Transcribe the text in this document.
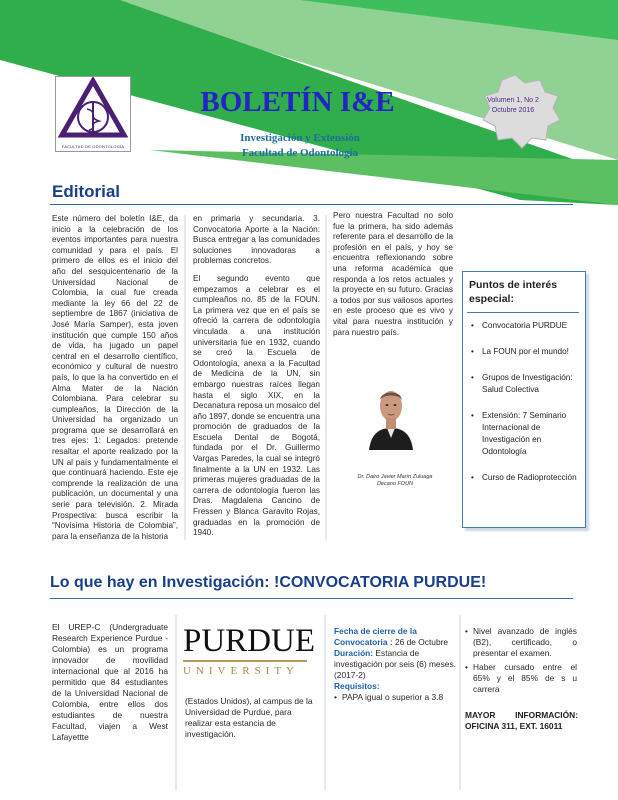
FACULTAD DE ODONTOLOGÍA
BOLETÍN I&E
Investigación y Extensión
Facultad de Odontología
Volumen 1, No 2
Octubre 2016
Editorial

Este número del boletín I&E, da inicio a la celebración de los eventos importantes para nuestra comunidad y para el país. El primero de ellos es el inicio del año del sesquicentenario de la Universidad Nacional de Colombia, la cual fue creada mediante la ley 66 del 22 de septiembre de 1867 (iniciativa de José María Samper), esta joven institución que cumple 150 años de vida, ha jugado un papel central en el desarrollo científico, económico y cultural de nuestro país, lo que la ha convertido en el Alma Mater de la Nación Colombiana. Para celebrar su cumpleaños, la Dirección de la Universidad ha organizado un programa que se desarrollará en tres ejes: 1: Legados: pretende resaltar el aporte realizado por la UN al país y fundamentalmente el que continuará haciendo. Este eje comprende la realización de una publicación, un documental y una serie para televisión. 2. Mirada Prospectiva: busca escribir la “Novísima Historia de Colombia”, para la enseñanza de la historia

en primaria y secundaria. 3. Convocatoria Aporte a la Nación: Busca entregar a las comunidades soluciones innovadoras a problemas concretos.

El segundo evento que empezamos a celebrar es el cumpleaños no. 85 de la FOUN. La primera vez que en el país se ofreció la carrera de odontología vinculada a una institución universitaria fue en 1932, cuando se creó la Escuela de Odontología, anexa a la Facultad de Medicina de la UN, sin embargo nuestras raíces llegan hasta el siglo XIX, en la Decanatura reposa un mosaico del año 1897, donde se encuentra una promoción de graduados de la Escuela Dental de Bogotá, fundada por el Dr. Guillermo Vargas Paredes, la cual se integró finalmente a la UN en 1932. Las primeras mujeres graduadas de la carrera de odontología fueron las Dras. Magdalena Cancino de Fressen y Blanca Garavito Rojas, graduadas en la promoción de 1940.

Pero nuestra Facultad no solo fue la primera, ha sido además referente para el desarrollo de la profesión en el país, y hoy se encuentra reflexionando sobre una reforma académica que responda a los retos actuales y la proyecte en su futuro. Gracias a todos por sus valiosos aportes en este proceso que es vivo y vital para nuestra institución y para nuestro país.

Dr. Dairo Javier Marín Zuluaga
Decano FOUN
Puntos de interés
especial:
• Convocatoria PURDUE
• La FOUN por el mundo!
• Grupos de Investigación: Salud Colectiva
• Extensión: 7 Seminario Internacional de Investigación en Odontología
• Curso de Radioprotección
Lo que hay en Investigación: !CONVOCATORIA PURDUE!
El UREP-C (Undergraduate Research Experience Purdue - Colombia) es un programa innovador de movilidad internacional que al 2016 ha permitido que 84 estudiantes de la Universidad Nacional de Colombia, entre ellos dos estudiantes de nuestra Facultad, viajen a West Lafayettte
PURDUE
UNIVERSITY
(Estados Unidos), al campus de la Universidad de Purdue, para realizar esta estancia de investigación.
Fecha de cierre de la Convocatoria : 26 de Octubre
Duración: Estancia de investigación por seis (6) meses. (2017-2)
Requisitos:
• PAPA igual o superior a 3.8
• Nivel avanzado de inglés (B2), certificado, o presentar el examen.
• Haber cursado entre el 65% y el 85% de s u carrera
MAYOR INFORMACIÓN: OFICINA 311, EXT. 16011
